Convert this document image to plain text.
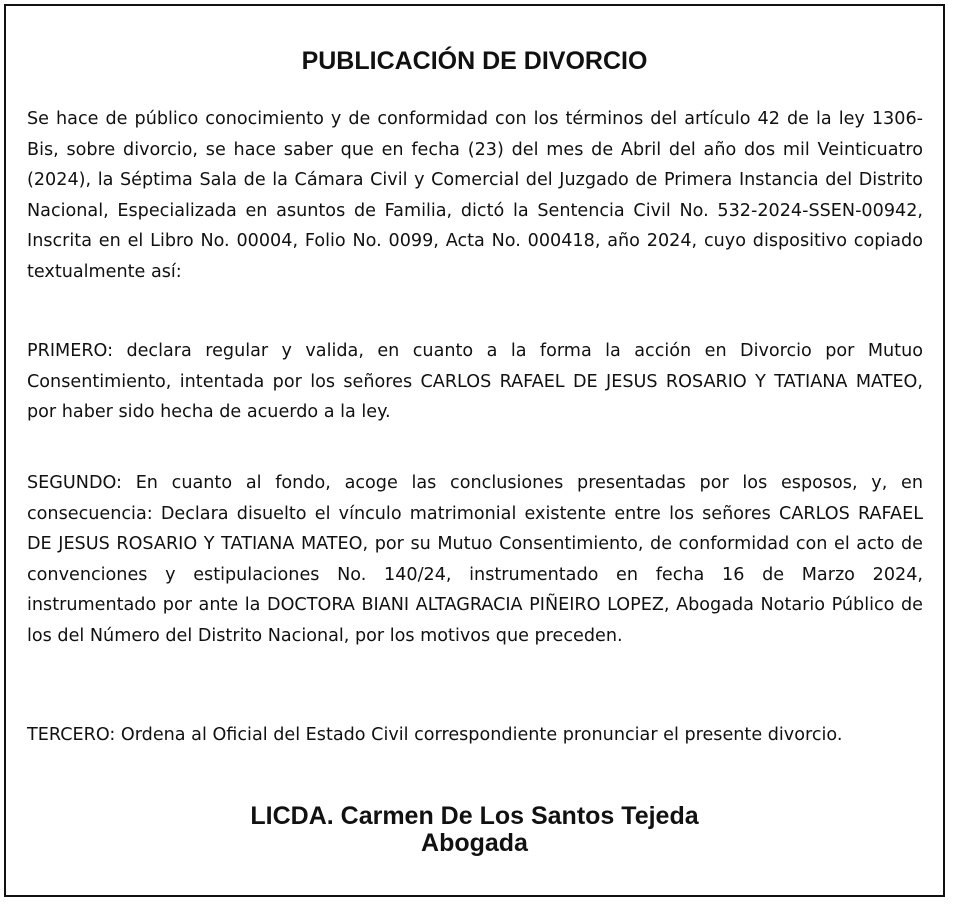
PUBLICACIÓN DE DIVORCIO

Se hace de público conocimiento y de conformidad con los términos del artículo 42 de la ley 1306-Bis, sobre divorcio, se hace saber que en fecha (23) del mes de Abril del año dos mil Veinticuatro (2024), la Séptima Sala de la Cámara Civil y Comercial del Juzgado de Primera Instancia del Distrito Nacional, Especializada en asuntos de Familia, dictó la Sentencia Civil No. 532-2024-SSEN-00942, Inscrita en el Libro No. 00004, Folio No. 0099, Acta No. 000418, año 2024, cuyo dispositivo copiado textualmente así:

PRIMERO: declara regular y valida, en cuanto a la forma la acción en Divorcio por Mutuo Consentimiento, intentada por los señores CARLOS RAFAEL DE JESUS ROSARIO Y TATIANA MATEO, por haber sido hecha de acuerdo a la ley.

SEGUNDO: En cuanto al fondo, acoge las conclusiones presentadas por los esposos, y, en consecuencia: Declara disuelto el vínculo matrimonial existente entre los señores CARLOS RAFAEL DE JESUS ROSARIO Y TATIANA MATEO, por su Mutuo Consentimiento, de conformidad con el acto de convenciones y estipulaciones No. 140/24, instrumentado en fecha 16 de Marzo 2024, instrumentado por ante la DOCTORA BIANI ALTAGRACIA PIÑEIRO LOPEZ, Abogada Notario Público de los del Número del Distrito Nacional, por los motivos que preceden.

TERCERO: Ordena al Oficial del Estado Civil correspondiente pronunciar el presente divorcio.

LICDA. Carmen De Los Santos Tejeda
Abogada
